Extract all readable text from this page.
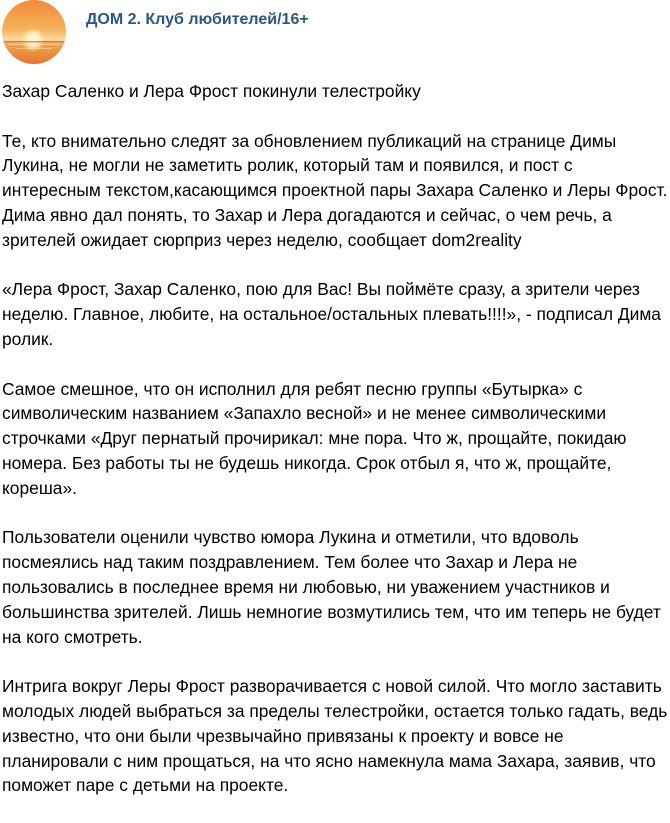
ДОМ 2. Клуб любителей/16+

Захар Саленко и Лера Фрост покинули телестройку

Те, кто внимательно следят за обновлением публикаций на странице Димы Лукина, не могли не заметить ролик, который там и появился, и пост с интересным текстом,касающимся проектной пары Захара Саленко и Леры Фрост. Дима явно дал понять, то Захар и Лера догадаются и сейчас, о чем речь, а зрителей ожидает сюрприз через неделю, сообщает dom2reality

«Лера Фрост, Захар Саленко, пою для Вас! Вы поймёте сразу, а зрители через неделю. Главное, любите, на остальное/остальных плевать!!!!», - подписал Дима ролик.

Самое смешное, что он исполнил для ребят песню группы «Бутырка» с символическим названием «Запахло весной» и не менее символическими строчками «Друг пернатый прочирикал: мне пора. Что ж, прощайте, покидаю номера. Без работы ты не будешь никогда. Срок отбыл я, что ж, прощайте, кореша».

Пользователи оценили чувство юмора Лукина и отметили, что вдоволь посмеялись над таким поздравлением. Тем более что Захар и Лера не пользовались в последнее время ни любовью, ни уважением участников и большинства зрителей. Лишь немногие возмутились тем, что им теперь не будет на кого смотреть.

Интрига вокруг Леры Фрост разворачивается с новой силой. Что могло заставить молодых людей выбраться за пределы телестройки, остается только гадать, ведь известно, что они были чрезвычайно привязаны к проекту и вовсе не планировали с ним прощаться, на что ясно намекнула мама Захара, заявив, что поможет паре с детьми на проекте.
